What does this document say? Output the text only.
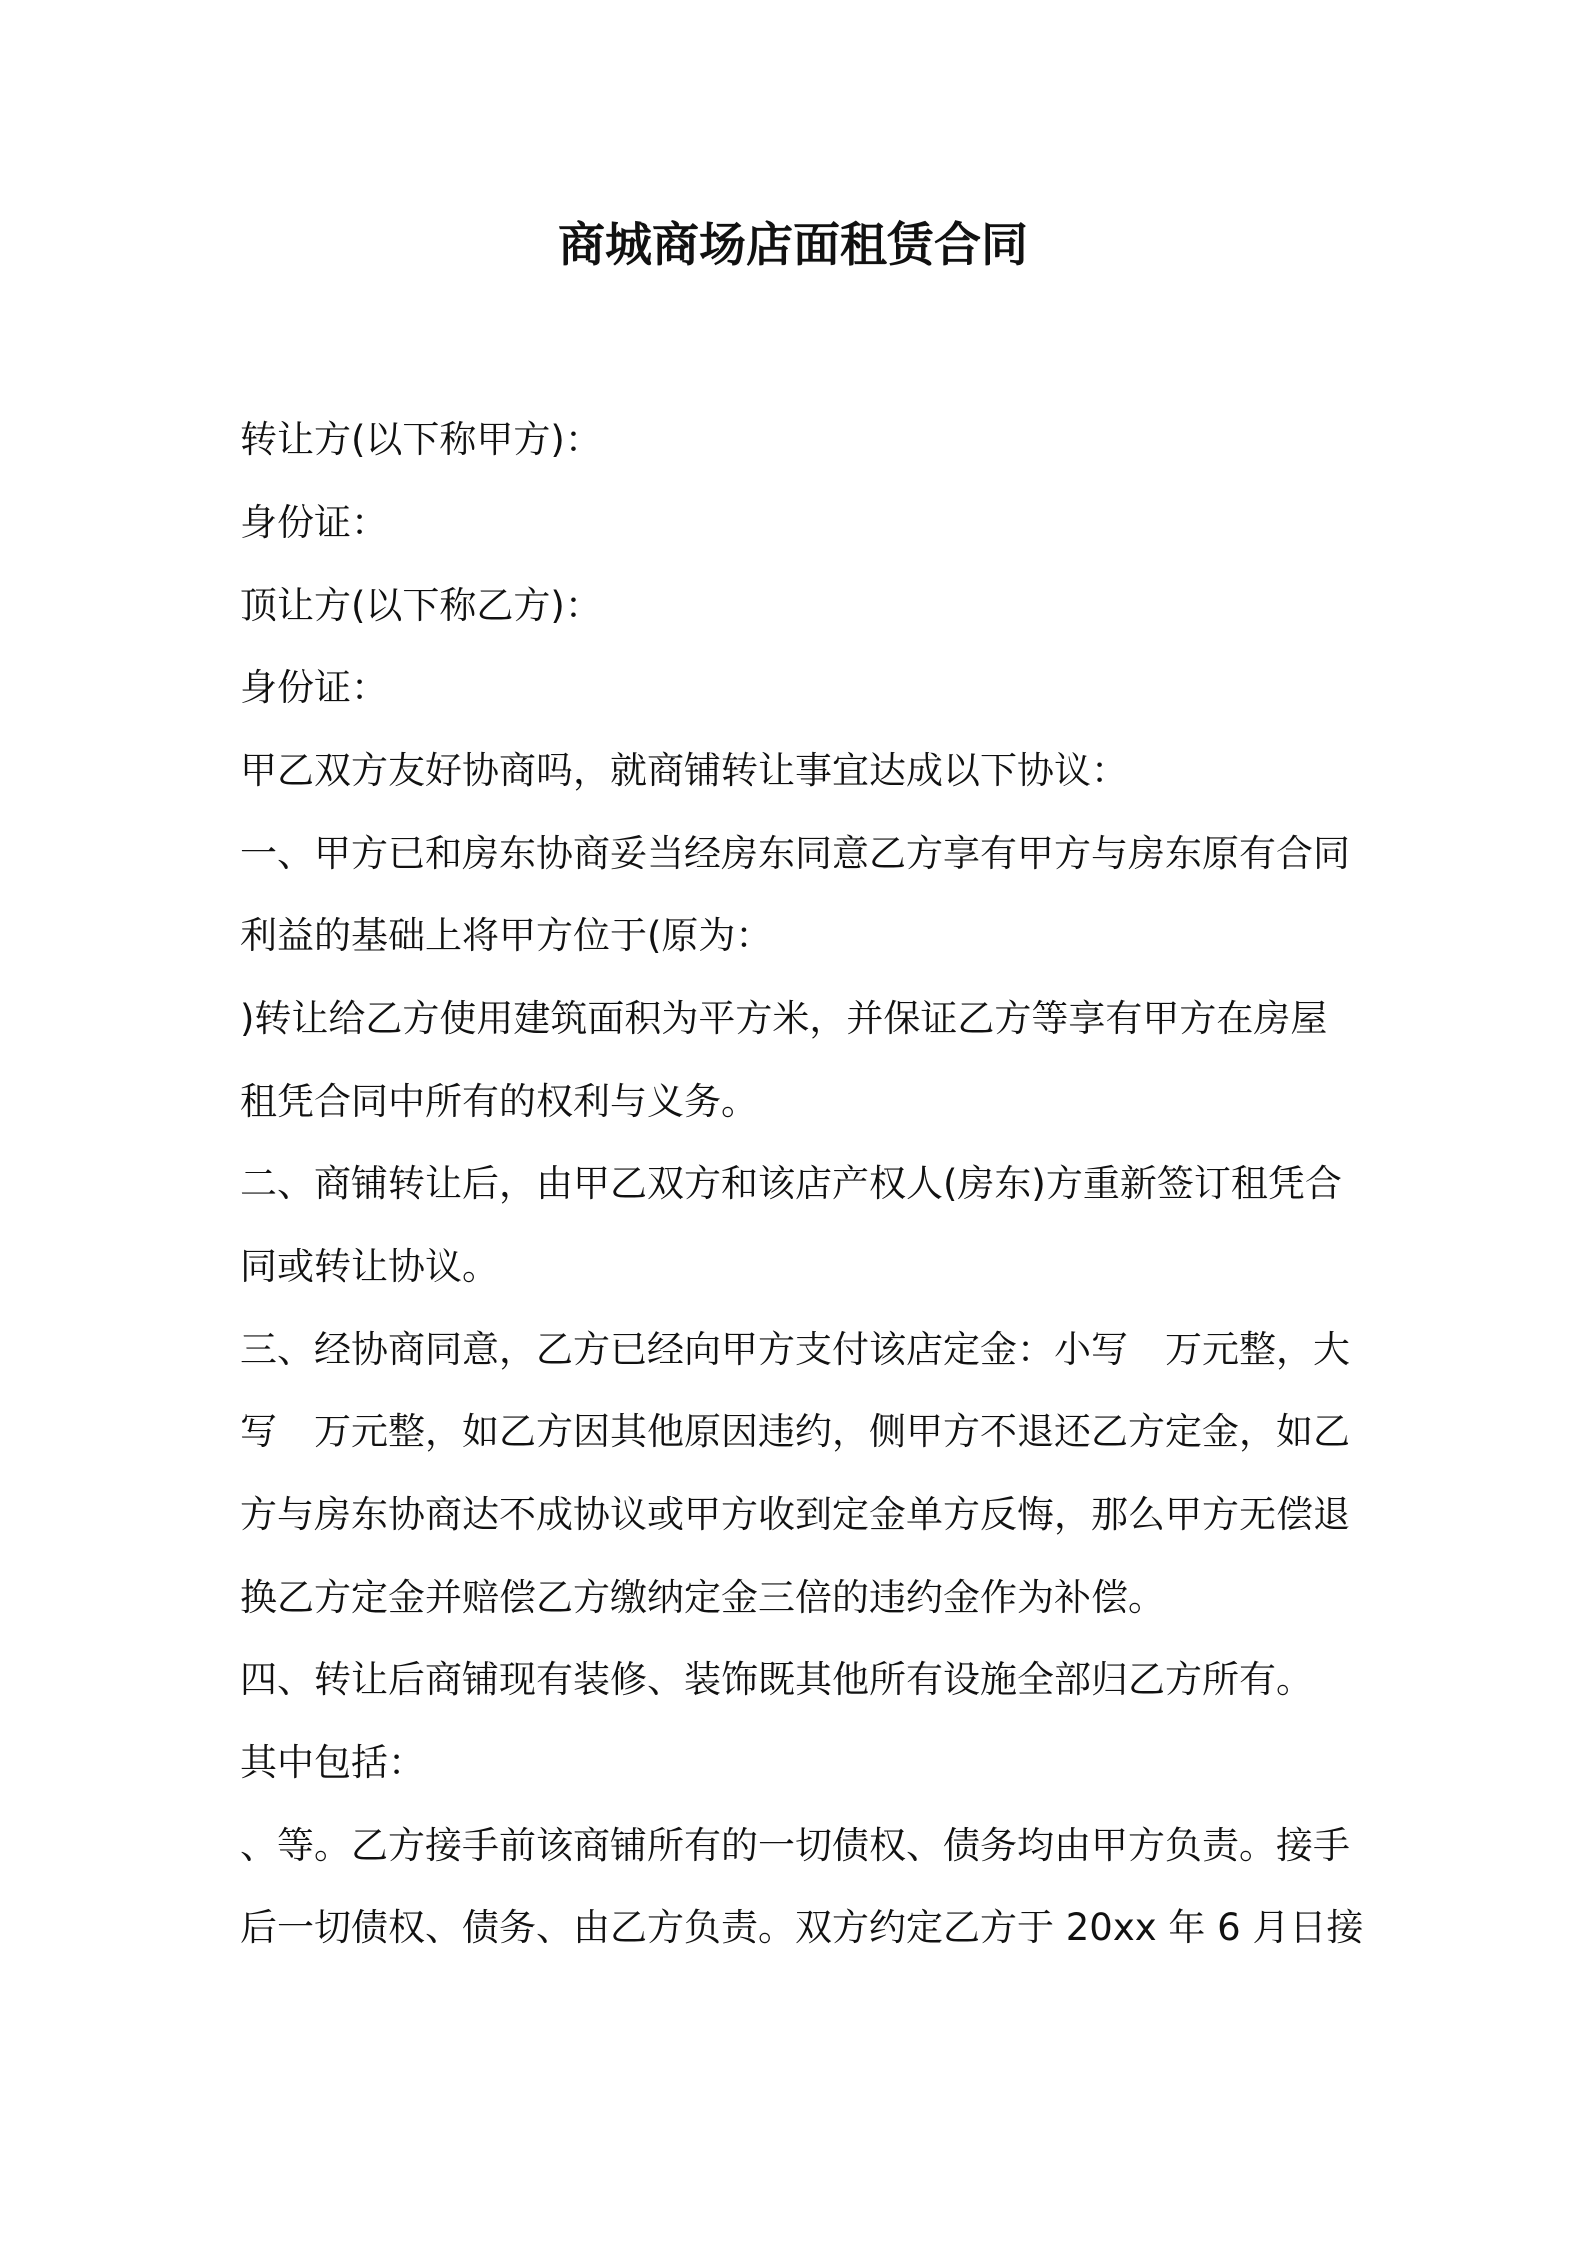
商城商场店面租赁合同
转让方(以下称甲方)：
身份证：
顶让方(以下称乙方)：
身份证：
甲乙双方友好协商吗，就商铺转让事宜达成以下协议：
一、甲方已和房东协商妥当经房东同意乙方享有甲方与房东原有合同
利益的基础上将甲方位于(原为：
)转让给乙方使用建筑面积为平方米，并保证乙方等享有甲方在房屋
租凭合同中所有的权利与义务。
二、商铺转让后，由甲乙双方和该店产权人(房东)方重新签订租凭合
同或转让协议。
三、经协商同意，乙方已经向甲方支付该店定金：小写　万元整，大
写　万元整，如乙方因其他原因违约，侧甲方不退还乙方定金，如乙
方与房东协商达不成协议或甲方收到定金单方反悔，那么甲方无偿退
换乙方定金并赔偿乙方缴纳定金三倍的违约金作为补偿。
四、转让后商铺现有装修、装饰既其他所有设施全部归乙方所有。
其中包括：
、等。乙方接手前该商铺所有的一切债权、债务均由甲方负责。接手
后一切债权、债务、由乙方负责。双方约定乙方于 20xx 年 6 月日接
